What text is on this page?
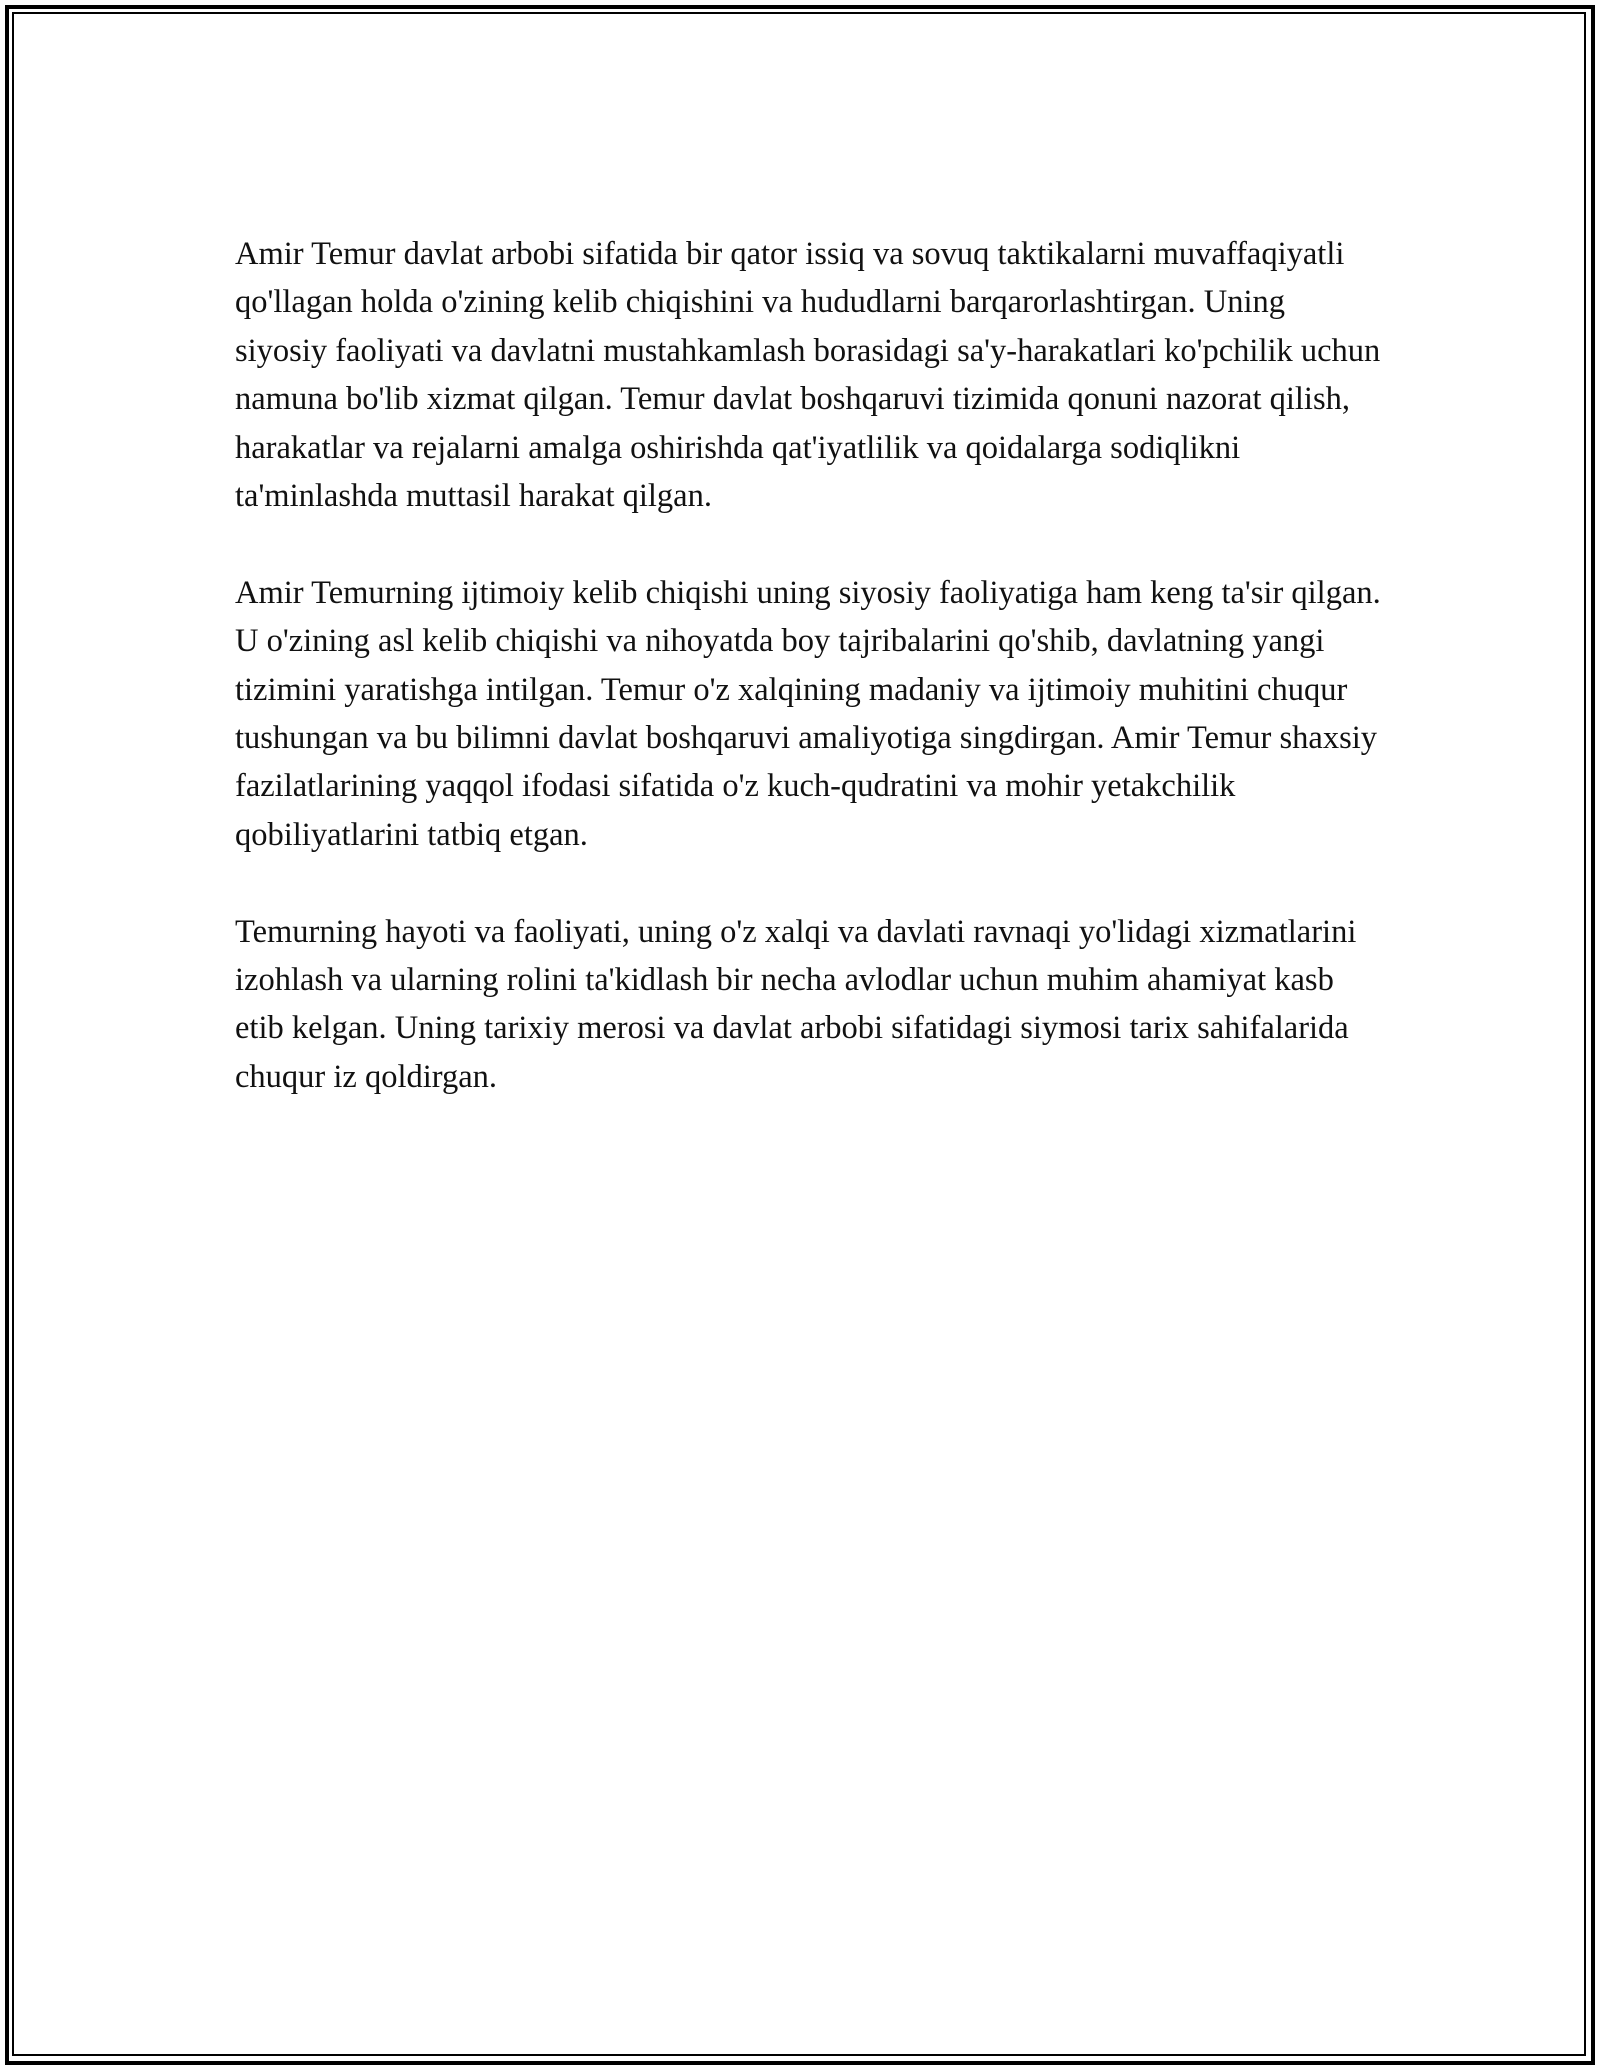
Amir Temur davlat arbobi sifatida bir qator issiq va sovuq taktikalarni muvaffaqiyatli qo'llagan holda o'zining kelib chiqishini va hududlarni barqarorlashtirgan. Uning siyosiy faoliyati va davlatni mustahkamlash borasidagi sa'y-harakatlari ko'pchilik uchun namuna bo'lib xizmat qilgan. Temur davlat boshqaruvi tizimida qonuni nazorat qilish, harakatlar va rejalarni amalga oshirishda qat'iyatlilik va qoidalarga sodiqlikni ta'minlashda muttasil harakat qilgan.

Amir Temurning ijtimoiy kelib chiqishi uning siyosiy faoliyatiga ham keng ta'sir qilgan. U o'zining asl kelib chiqishi va nihoyatda boy tajribalarini qo'shib, davlatning yangi tizimini yaratishga intilgan. Temur o'z xalqining madaniy va ijtimoiy muhitini chuqur tushungan va bu bilimni davlat boshqaruvi amaliyotiga singdirgan. Amir Temur shaxsiy fazilatlarining yaqqol ifodasi sifatida o'z kuch-qudratini va mohir yetakchilik qobiliyatlarini tatbiq etgan.

Temurning hayoti va faoliyati, uning o'z xalqi va davlati ravnaqi yo'lidagi xizmatlarini izohlash va ularning rolini ta'kidlash bir necha avlodlar uchun muhim ahamiyat kasb etib kelgan. Uning tarixiy merosi va davlat arbobi sifatidagi siymosi tarix sahifalarida chuqur iz qoldirgan.
